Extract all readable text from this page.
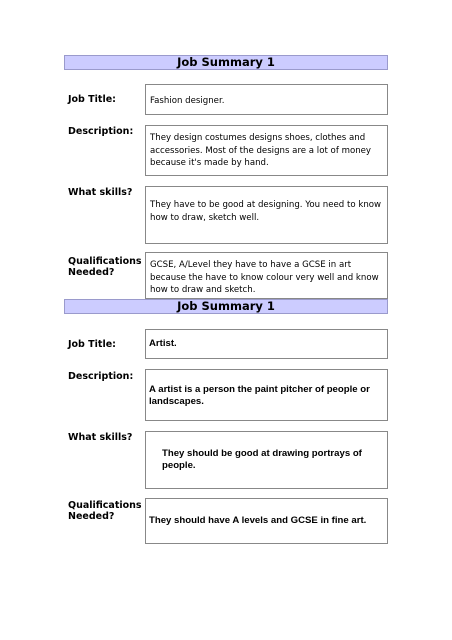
Job Summary 1
Job Title:	Fashion designer.
Description:
They design costumes designs shoes, clothes and accessories. Most of the designs are a lot of money because it's made by hand.
What skills?
They have to be good at designing. You need to know how to draw, sketch well.
Qualifications Needed?
GCSE, A/Level they have to have a GCSE in art because the have to know colour very well and know how to draw and sketch.
Job Summary 1
Job Title:	Artist.
Description:
A artist is a person the paint pitcher of people or landscapes.
What skills?
They should be good at drawing portrays of people.
Qualifications Needed?	They should have A levels and GCSE in fine art.
